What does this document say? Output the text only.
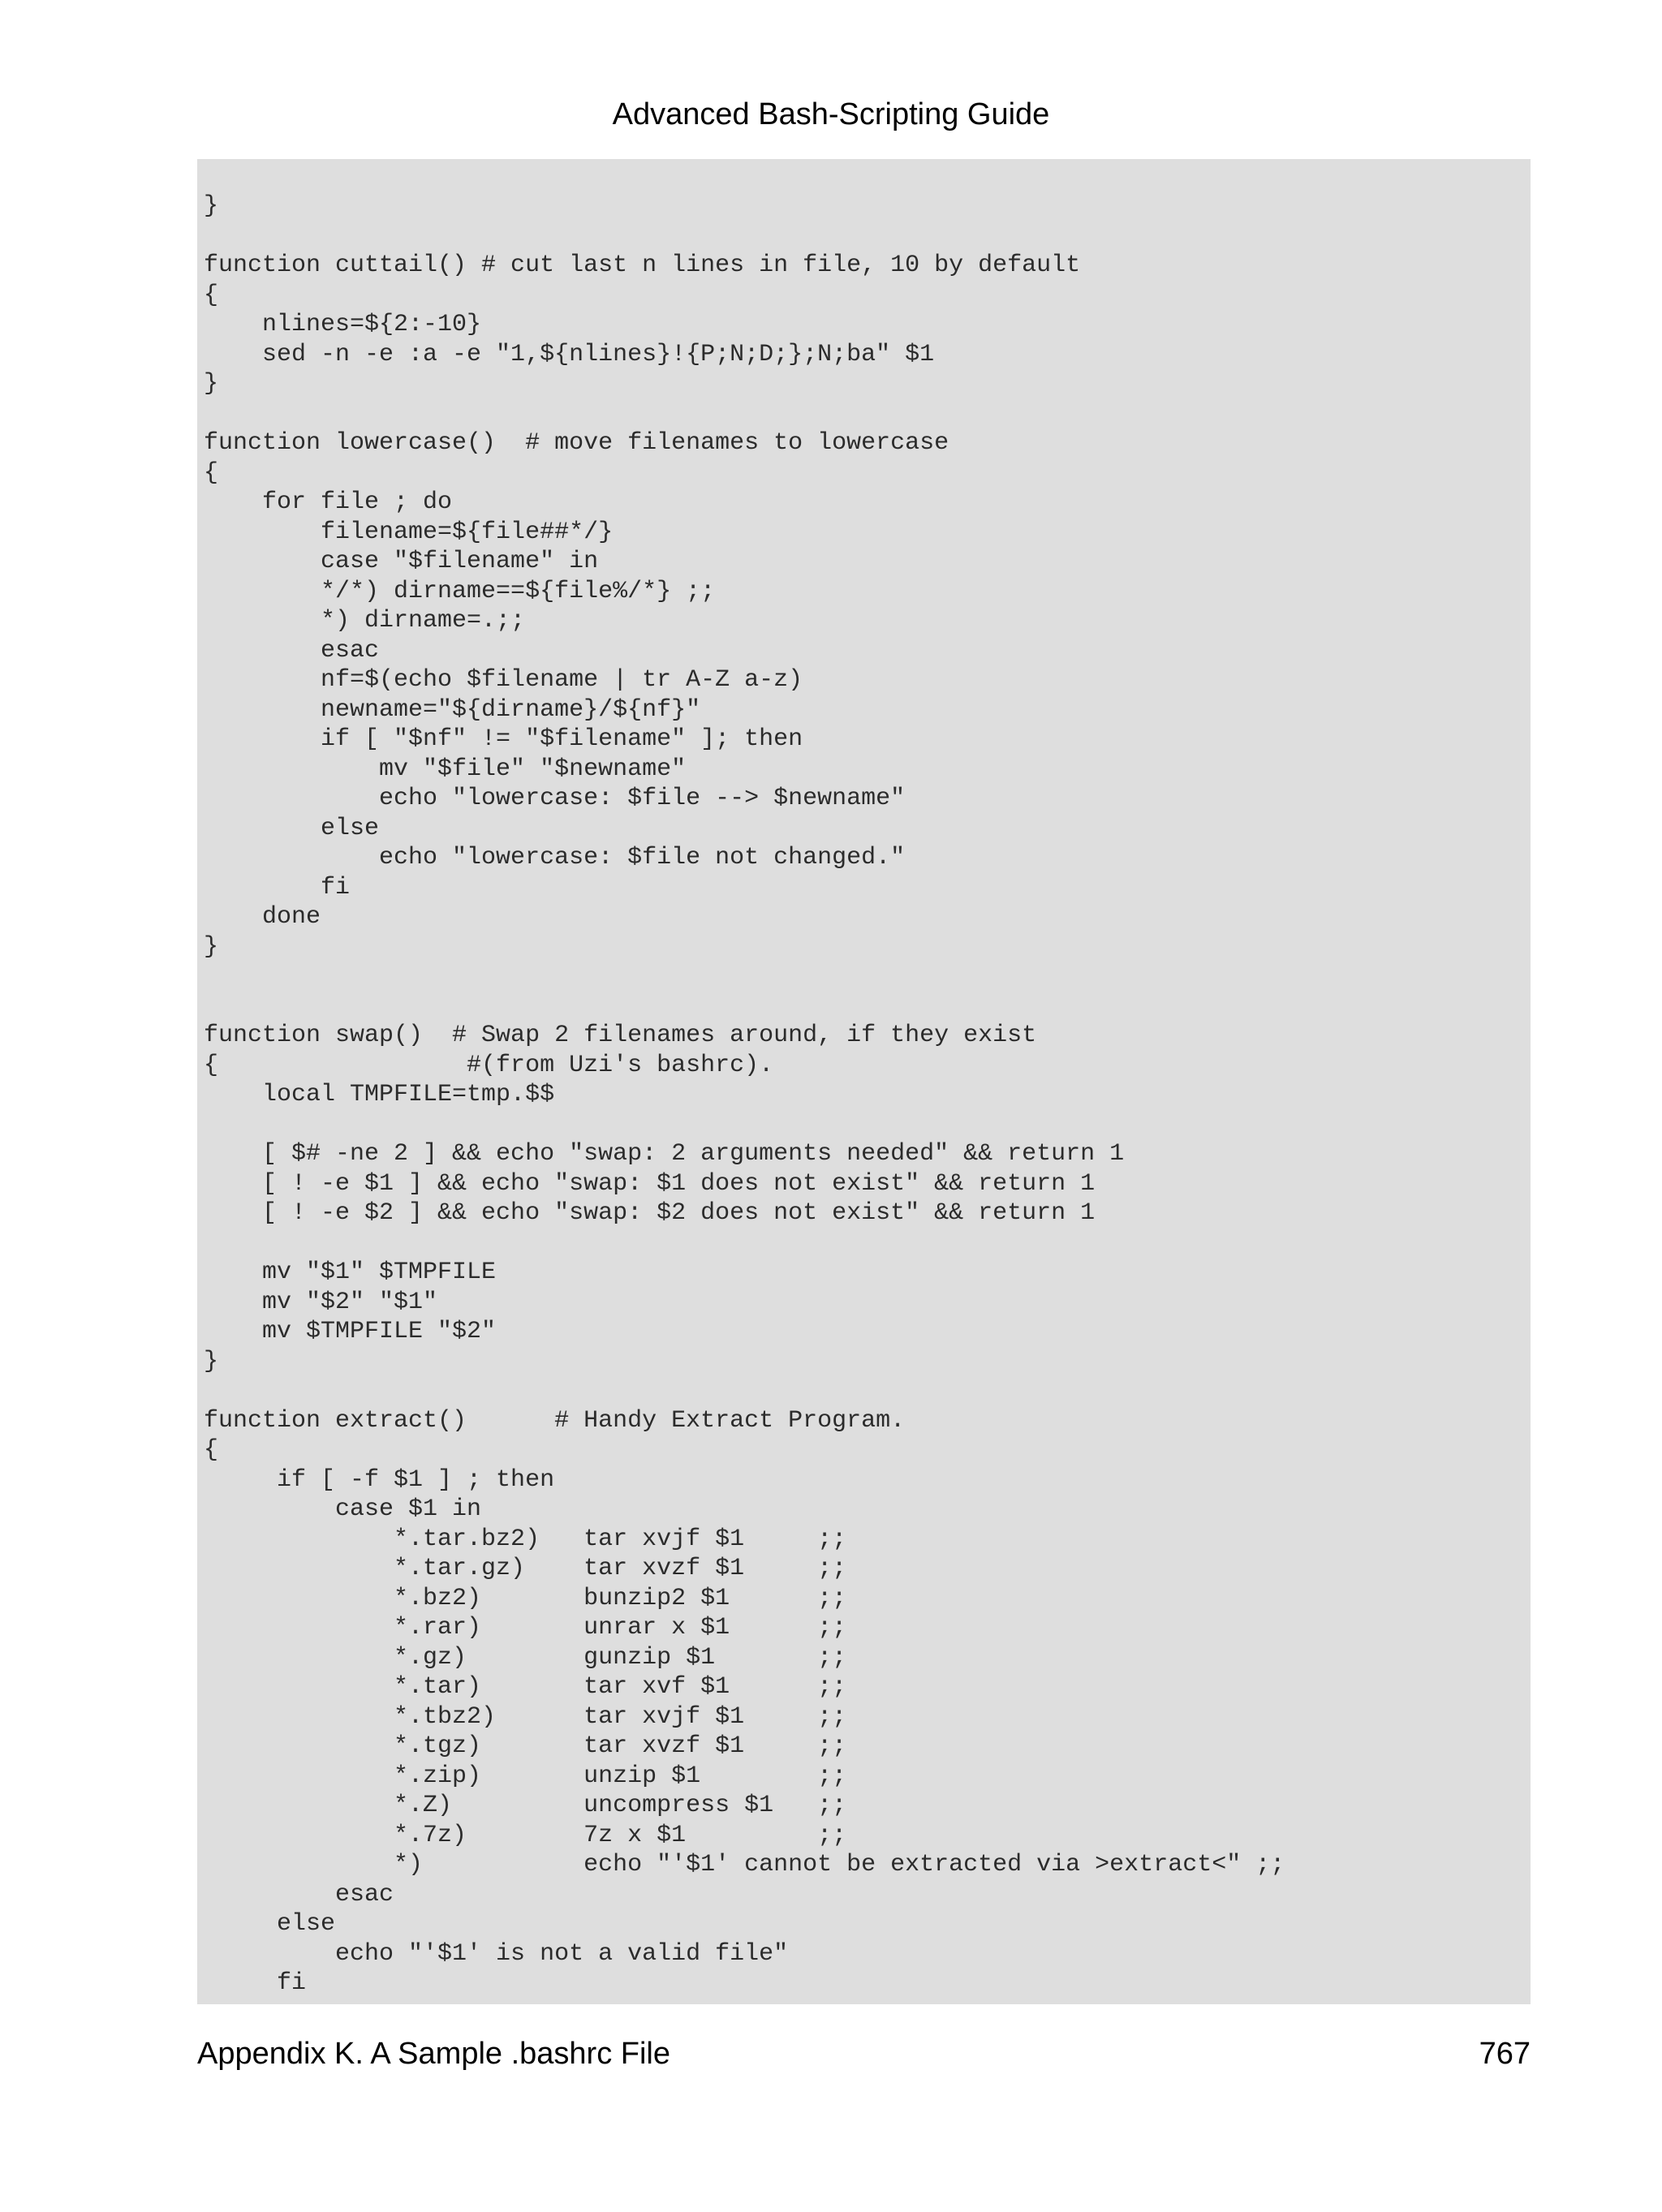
Advanced Bash-Scripting Guide
}
function cuttail() # cut last n lines in file, 10 by default
{
nlines=${2:-10}
sed -n -e :a -e "1,${nlines}!{P;N;D;};N;ba" $1
}
function lowercase()  # move filenames to lowercase
{
for file ; do
filename=${file##*/}
case "$filename" in
*/*) dirname==${file%/*} ;;
*) dirname=.;;
esac
nf=$(echo $filename | tr A-Z a-z)
newname="${dirname}/${nf}"
if [ "$nf" != "$filename" ]; then
mv "$file" "$newname"
echo "lowercase: $file --> $newname"
else
echo "lowercase: $file not changed."
fi
done
}
function swap()  # Swap 2 filenames around, if they exist
{                 #(from Uzi's bashrc).
local TMPFILE=tmp.$$
[ $# -ne 2 ] && echo "swap: 2 arguments needed" && return 1
[ ! -e $1 ] && echo "swap: $1 does not exist" && return 1
[ ! -e $2 ] && echo "swap: $2 does not exist" && return 1
mv "$1" $TMPFILE
mv "$2" "$1"
mv $TMPFILE "$2"
}
function extract()      # Handy Extract Program.
{
if [ -f $1 ] ; then
case $1 in
*.tar.bz2)   tar xvjf $1     ;;
*.tar.gz)    tar xvzf $1     ;;
*.bz2)       bunzip2 $1      ;;
*.rar)       unrar x $1      ;;
*.gz)        gunzip $1       ;;
*.tar)       tar xvf $1      ;;
*.tbz2)      tar xvjf $1     ;;
*.tgz)       tar xvzf $1     ;;
*.zip)       unzip $1        ;;
*.Z)         uncompress $1   ;;
*.7z)        7z x $1         ;;
*)           echo "'$1' cannot be extracted via >extract<" ;;
esac
else
echo "'$1' is not a valid file"
fi
Appendix K. A Sample .bashrc File	767
